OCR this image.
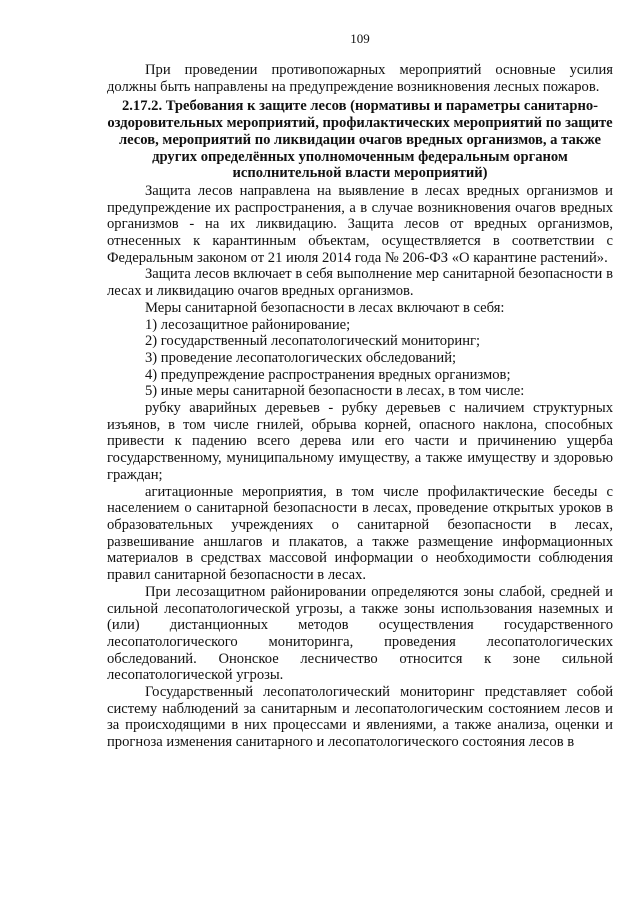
109

При проведении противопожарных мероприятий основные усилия должны быть направлены на предупреждение возникновения лесных пожаров.

2.17.2. Требования к защите лесов (нормативы и параметры санитарно-оздоровительных мероприятий, профилактических мероприятий по защите лесов, мероприятий по ликвидации очагов вредных организмов, а также других определённых уполномоченным федеральным органом исполнительной власти мероприятий)

Защита лесов направлена на выявление в лесах вредных организмов и предупреждение их распространения, а в случае возникновения очагов вредных организмов - на их ликвидацию. Защита лесов от вредных организмов, отнесенных к карантинным объектам, осуществляется в соответствии с Федеральным законом от 21 июля 2014 года № 206-ФЗ «О карантине растений».

Защита лесов включает в себя выполнение мер санитарной безопасности в лесах и ликвидацию очагов вредных организмов.

Меры санитарной безопасности в лесах включают в себя:

1) лесозащитное районирование;

2) государственный лесопатологический мониторинг;

3) проведение лесопатологических обследований;

4) предупреждение распространения вредных организмов;

5) иные меры санитарной безопасности в лесах, в том числе:

рубку аварийных деревьев - рубку деревьев с наличием структурных изъянов, в том числе гнилей, обрыва корней, опасного наклона, способных привести к падению всего дерева или его части и причинению ущерба государственному, муниципальному имуществу, а также имуществу и здоровью граждан;

агитационные мероприятия, в том числе профилактические беседы с населением о санитарной безопасности в лесах, проведение открытых уроков в образовательных учреждениях о санитарной безопасности в лесах, развешивание аншлагов и плакатов, а также размещение информационных материалов в средствах массовой информации о необходимости соблюдения правил санитарной безопасности в лесах.

При лесозащитном районировании определяются зоны слабой, средней и сильной лесопатологической угрозы, а также зоны использования наземных и (или) дистанционных методов осуществления государственного лесопатологического мониторинга, проведения лесопатологических обследований. Ононское лесничество относится к зоне сильной лесопатологической угрозы.

Государственный лесопатологический мониторинг представляет собой систему наблюдений за санитарным и лесопатологическим состоянием лесов и за происходящими в них процессами и явлениями, а также анализа, оценки и прогноза изменения санитарного и лесопатологического состояния лесов в
